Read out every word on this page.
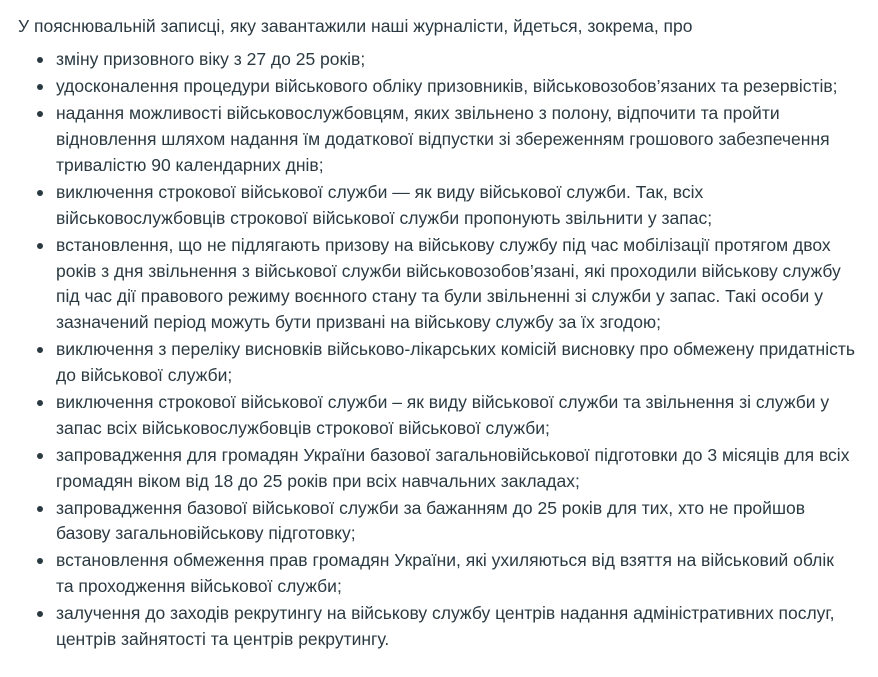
У пояснювальній записці, яку завантажили наші журналісти, йдеться, зокрема, про

зміну призовного віку з 27 до 25 років;
удосконалення процедури військового обліку призовників, військовозобов’язаних та резервістів;
надання можливості військовослужбовцям, яких звільнено з полону, відпочити та пройти відновлення шляхом надання їм додаткової відпустки зі збереженням грошового забезпечення тривалістю 90 календарних днів;
виключення строкової військової служби — як виду військової служби. Так, всіх військовослужбовців строкової військової служби пропонують звільнити у запас;
встановлення, що не підлягають призову на військову службу під час мобілізації протягом двох років з дня звільнення з військової служби військовозобов’язані, які проходили військову службу під час дії правового режиму воєнного стану та були звільненні зі служби у запас. Такі особи у зазначений період можуть бути призвані на військову службу за їх згодою;
виключення з переліку висновків військово-лікарських комісій висновку про обмежену придатність до військової служби;
виключення строкової військової служби – як виду військової служби та звільнення зі служби у запас всіх військовослужбовців строкової військової служби;
запровадження для громадян України базової загальновійськової підготовки до 3 місяців для всіх громадян віком від 18 до 25 років при всіх навчальних закладах;
запровадження базової військової служби за бажанням до 25 років для тих, хто не пройшов базову загальновійськову підготовку;
встановлення обмеження прав громадян України, які ухиляються від взяття на військовий облік та проходження військової служби;
залучення до заходів рекрутингу на військову службу центрів надання адміністративних послуг, центрів зайнятості та центрів рекрутингу.
